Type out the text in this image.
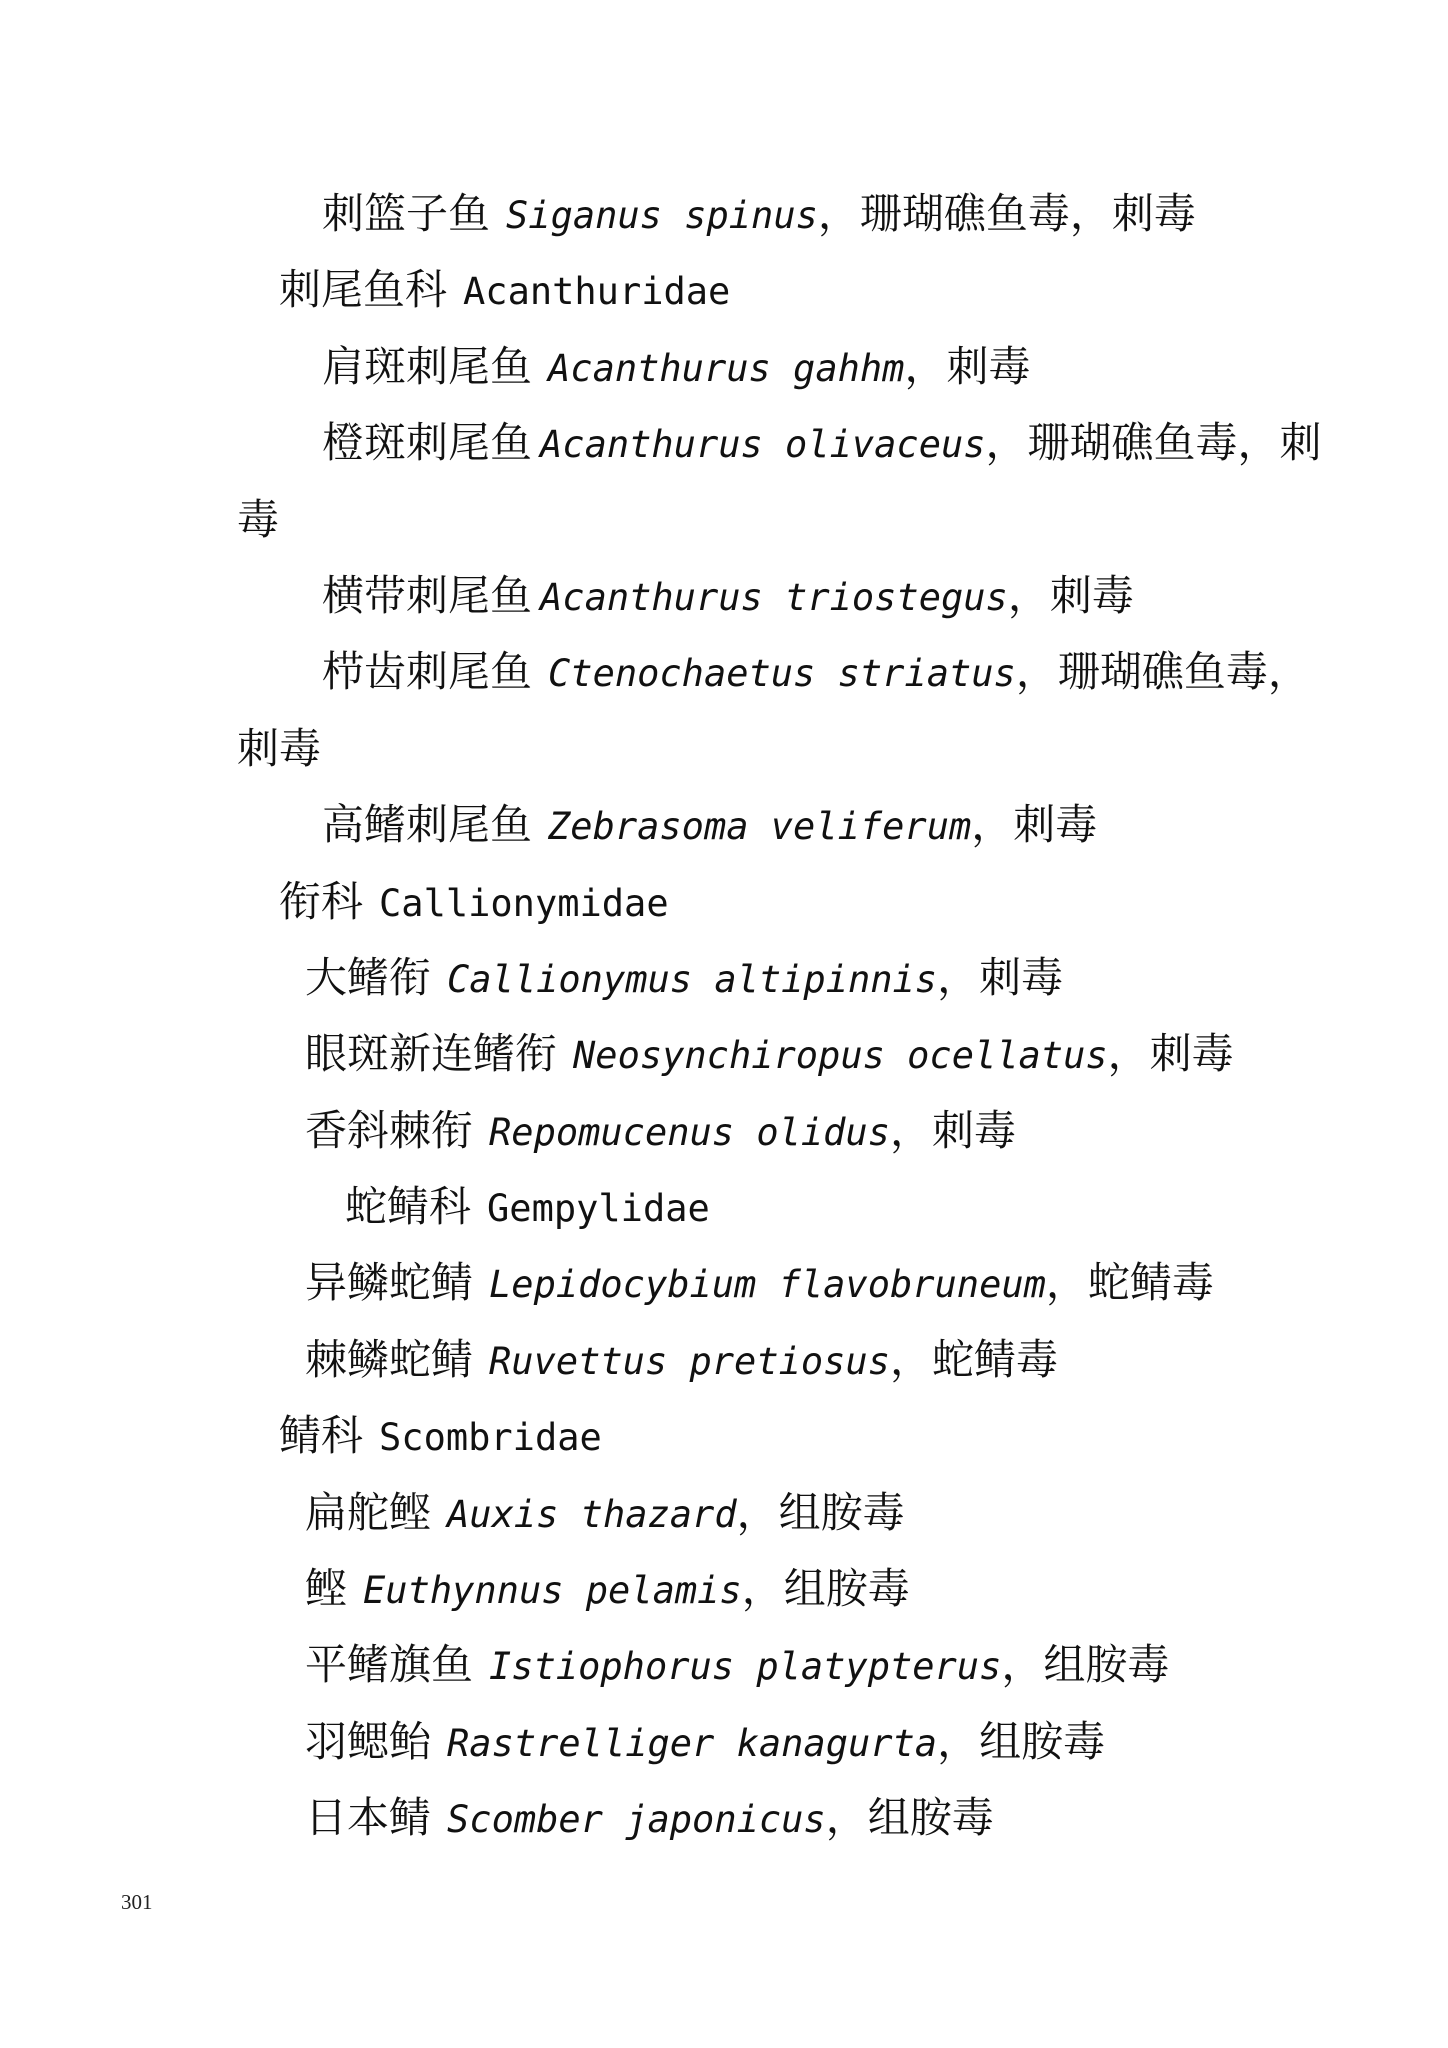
刺篮子鱼 Siganus spinus，珊瑚礁鱼毒，刺毒
刺尾鱼科 Acanthuridae
肩斑刺尾鱼 Acanthurus gahhm，刺毒
橙斑刺尾鱼 Acanthurus olivaceus，珊瑚礁鱼毒，刺
毒
横带刺尾鱼 Acanthurus triostegus，刺毒
栉齿刺尾鱼 Ctenochaetus striatus，珊瑚礁鱼毒，
刺毒
高鳍刺尾鱼 Zebrasoma veliferum，刺毒
衔科 Callionymidae
大鳍衔 Callionymus altipinnis，刺毒
眼斑新连鳍衔 Neosynchiropus ocellatus，刺毒
香斜棘衔 Repomucenus olidus，刺毒
蛇鲭科 Gempylidae
异鳞蛇鲭 Lepidocybium flavobruneum，蛇鲭毒
棘鳞蛇鲭 Ruvettus pretiosus，蛇鲭毒
鲭科 Scombridae
扁舵鲣 Auxis thazard，组胺毒
鲣 Euthynnus pelamis，组胺毒
平鳍旗鱼 Istiophorus platypterus，组胺毒
羽鳃鲐 Rastrelliger kanagurta，组胺毒
日本鲭 Scomber japonicus，组胺毒
301
